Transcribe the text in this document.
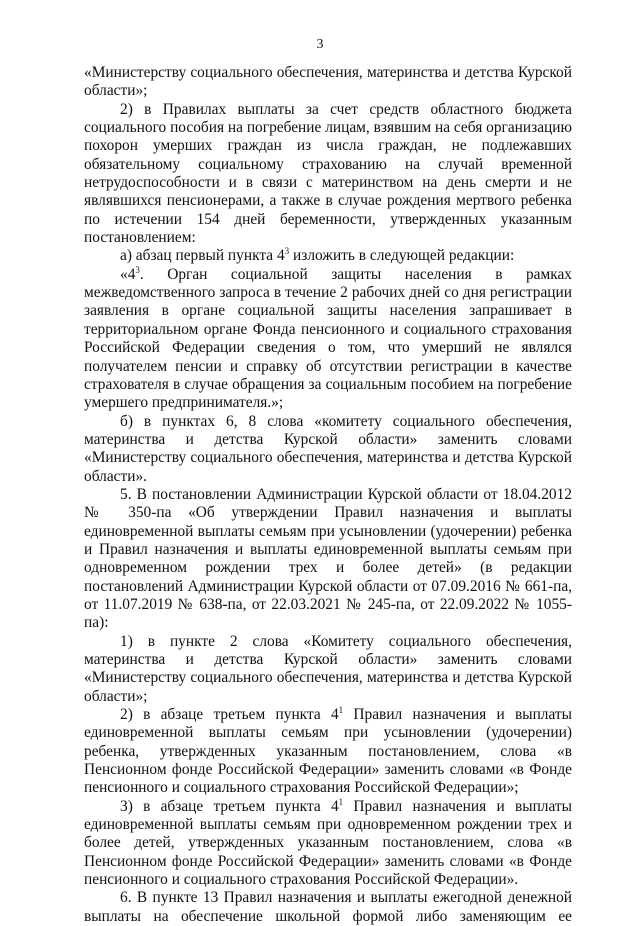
3

«Министерству социального обеспечения, материнства и детства Курской области»;

2) в Правилах выплаты за счет средств областного бюджета социального пособия на погребение лицам, взявшим на себя организацию похорон умерших граждан из числа граждан, не подлежавших обязательному социальному страхованию на случай временной нетрудоспособности и в связи с материнством на день смерти и не являвшихся пенсионерами, а также в случае рождения мертвого ребенка по истечении 154 дней беременности, утвержденных указанным постановлением:

а) абзац первый пункта $4^3$ изложить в следующей редакции:

«$4^3$. Орган социальной защиты населения в рамках межведомственного запроса в течение 2 рабочих дней со дня регистрации заявления в органе социальной защиты населения запрашивает в территориальном органе Фонда пенсионного и социального страхования Российской Федерации сведения о том, что умерший не являлся получателем пенсии и справку об отсутствии регистрации в качестве страхователя в случае обращения за социальным пособием на погребение умершего предпринимателя.»;

б) в пунктах 6, 8 слова «комитету социального обеспечения, материнства и детства Курской области» заменить словами «Министерству социального обеспечения, материнства и детства Курской области».

5. В постановлении Администрации Курской области от 18.04.2012 № 350-па «Об утверждении Правил назначения и выплаты единовременной выплаты семьям при усыновлении (удочерении) ребенка и Правил назначения и выплаты единовременной выплаты семьям при одновременном рождении трех и более детей» (в редакции постановлений Администрации Курской области от 07.09.2016 № 661-па, от 11.07.2019 № 638-па, от 22.03.2021 № 245-па, от 22.09.2022 № 1055-па):

1) в пункте 2 слова «Комитету социального обеспечения, материнства и детства Курской области» заменить словами «Министерству социального обеспечения, материнства и детства Курской области»;

2) в абзаце третьем пункта $4^1$ Правил назначения и выплаты единовременной выплаты семьям при усыновлении (удочерении) ребенка, утвержденных указанным постановлением, слова «в Пенсионном фонде Российской Федерации» заменить словами «в Фонде пенсионного и социального страхования Российской Федерации»;

3) в абзаце третьем пункта $4^1$ Правил назначения и выплаты единовременной выплаты семьям при одновременном рождении трех и более детей, утвержденных указанным постановлением, слова «в Пенсионном фонде Российской Федерации» заменить словами «в Фонде пенсионного и социального страхования Российской Федерации».

6. В пункте 13 Правил назначения и выплаты ежегодной денежной выплаты на обеспечение школьной формой либо заменяющим ее
